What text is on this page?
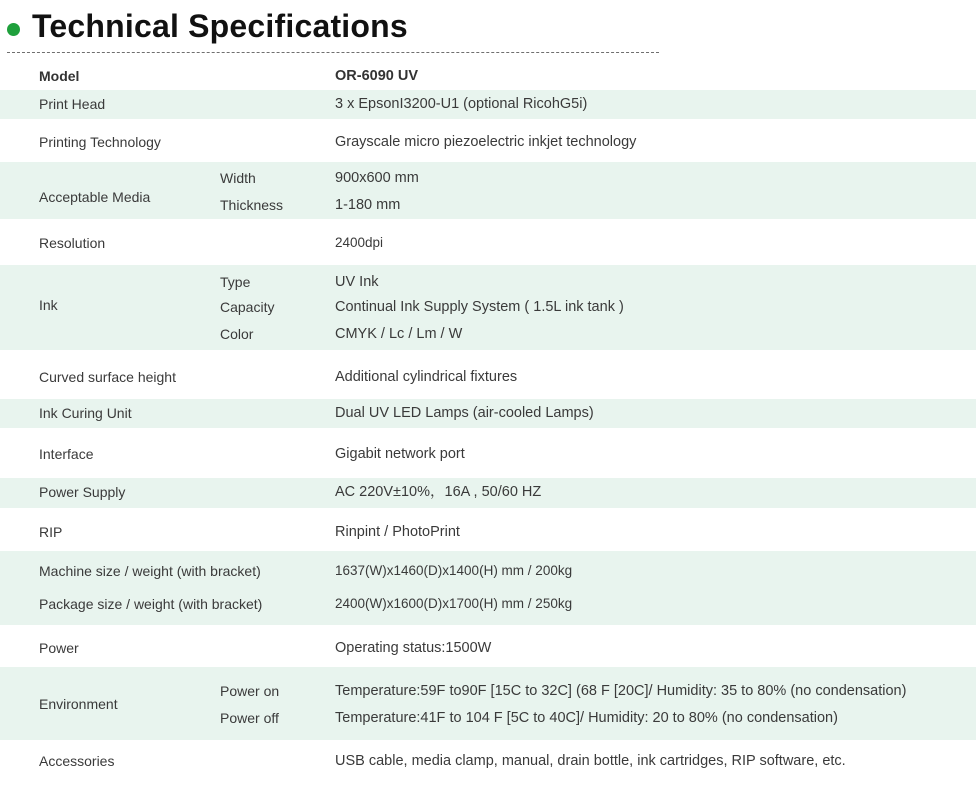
Technical Specifications
Model	OR-6090 UV
Print Head	3 x EpsonI3200-U1 (optional RicohG5i)
Printing Technology	Grayscale micro piezoelectric inkjet technology
Acceptable Media
Width	900x600 mm
Thickness	1-180 mm
Resolution	2400dpi
Ink
Type	UV Ink
Capacity	Continual Ink Supply System ( 1.5L ink tank )
Color	CMYK / Lc / Lm / W
Curved surface height	Additional cylindrical fixtures
Ink Curing Unit	Dual UV LED Lamps (air-cooled Lamps)
Interface	Gigabit network port
Power Supply	AC 220V±10%，16A , 50/60 HZ
RIP	Rinpint / PhotoPrint
Machine size / weight (with bracket)	1637(W)x1460(D)x1400(H) mm / 200kg
Package size / weight (with bracket)	2400(W)x1600(D)x1700(H) mm / 250kg
Power	Operating status:1500W
Environment
Power on	Temperature:59F to90F [15C to 32C] (68 F [20C]/ Humidity: 35 to 80% (no condensation)
Power off	Temperature:41F to 104 F [5C to 40C]/ Humidity: 20 to 80% (no condensation)
Accessories	USB cable, media clamp, manual, drain bottle, ink cartridges, RIP software, etc.
